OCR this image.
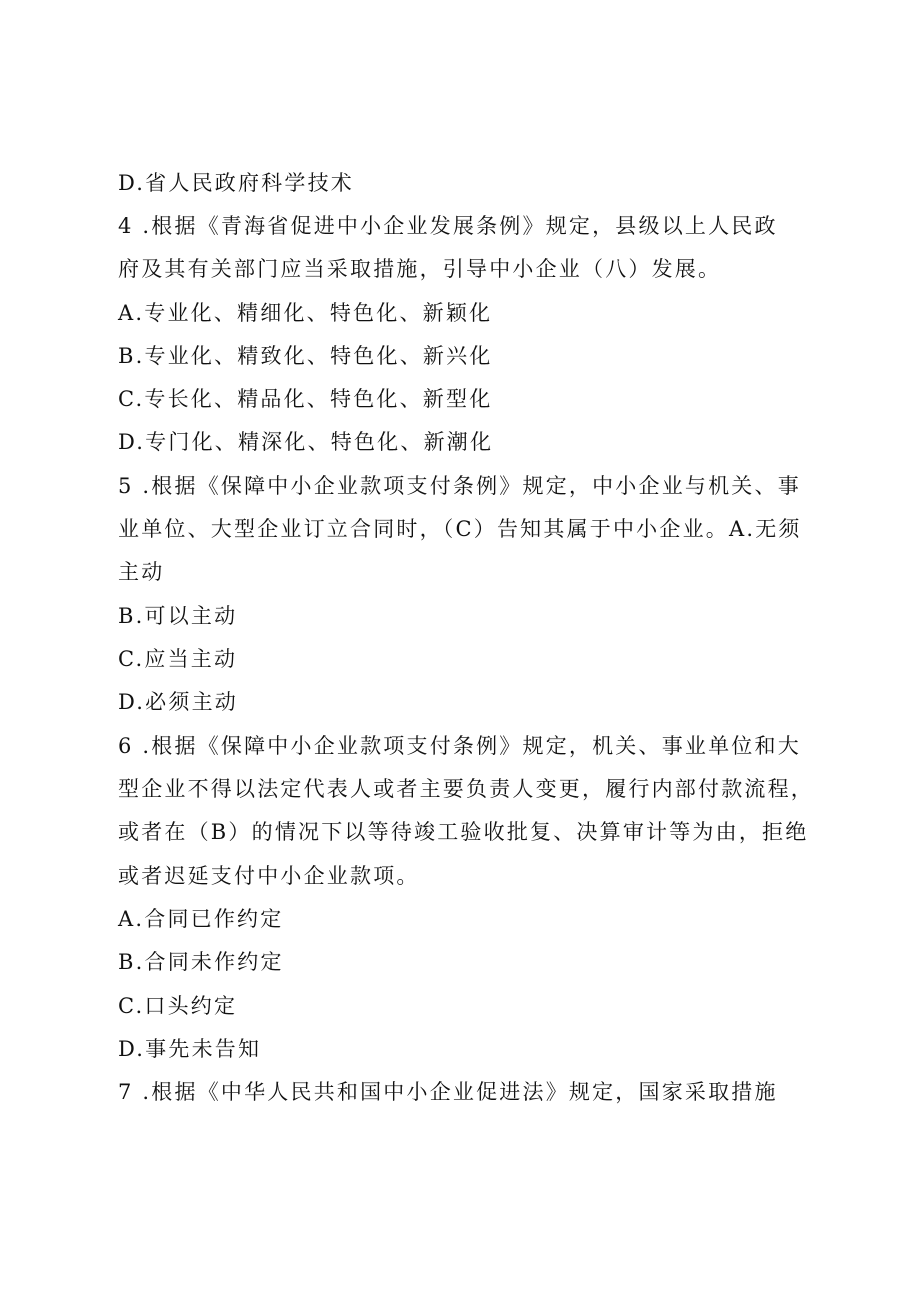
D.省人民政府科学技术
4 .根据《青海省促进中小企业发展条例》规定，县级以上人民政
府及其有关部门应当采取措施，引导中小企业（八）发展。
A.专业化、精细化、特色化、新颖化
B.专业化、精致化、特色化、新兴化
C.专长化、精品化、特色化、新型化
D.专门化、精深化、特色化、新潮化
5 .根据《保障中小企业款项支付条例》规定，中小企业与机关、事
业单位、大型企业订立合同时，（C）告知其属于中小企业。A.无须
主动
B.可以主动
C.应当主动
D.必须主动
6 .根据《保障中小企业款项支付条例》规定，机关、事业单位和大
型企业不得以法定代表人或者主要负责人变更，履行内部付款流程，
或者在（B）的情况下以等待竣工验收批复、决算审计等为由，拒绝
或者迟延支付中小企业款项。
A.合同已作约定
B.合同未作约定
C.口头约定
D.事先未告知
7 .根据《中华人民共和国中小企业促进法》规定，国家采取措施
